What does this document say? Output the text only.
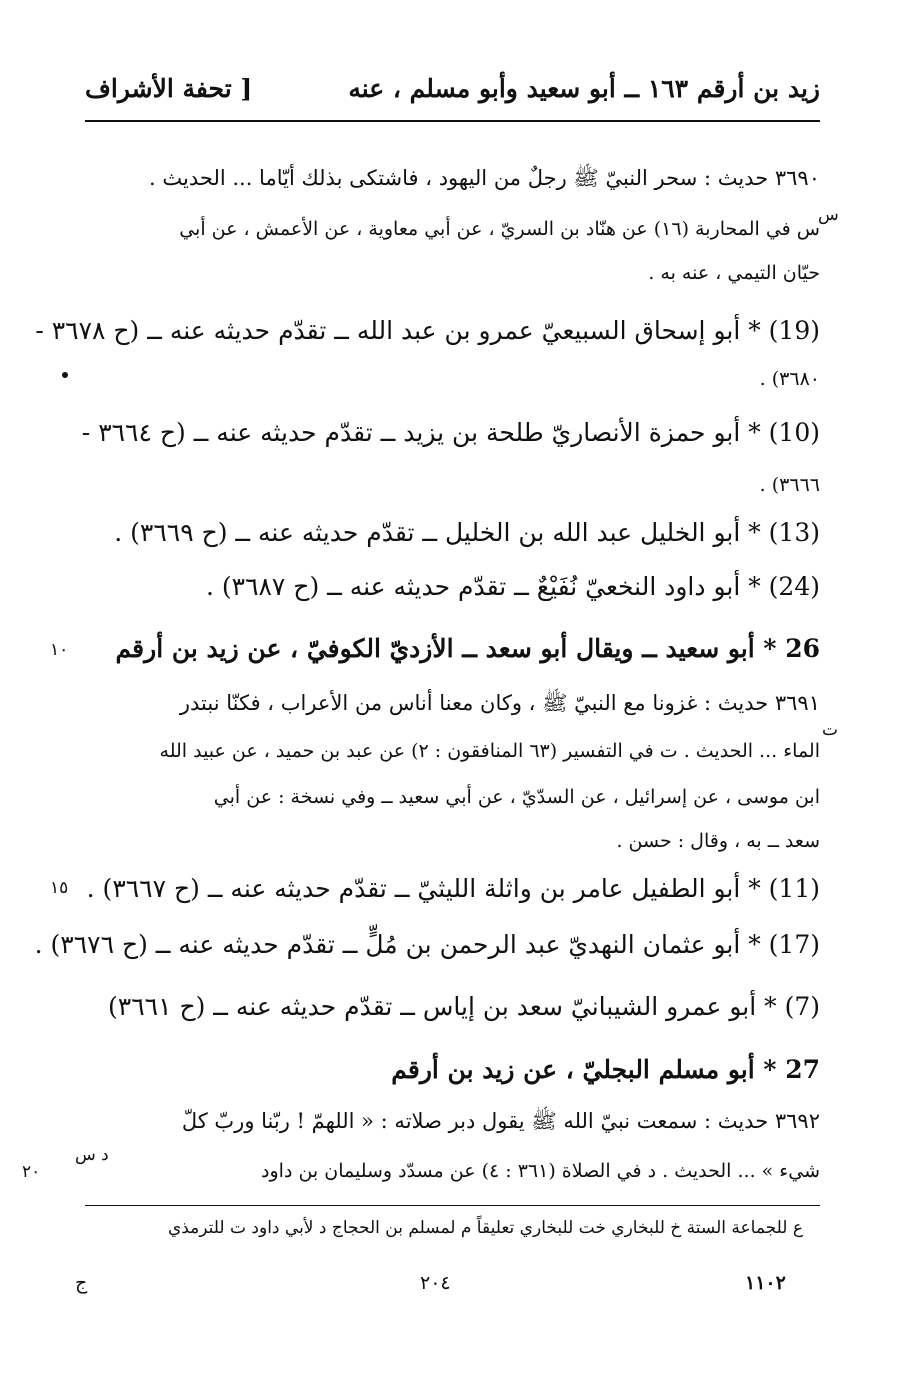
زيد بن أرقم ١٦٣ ــ أبو سعيد وأبو مسلم ، عنه
[ تحفة الأشراف
٣٦٩٠ حديث : سحر النبيّ ﷺ رجلٌ من اليهود ، فاشتكى بذلك أيّاما ... الحديث .
س في المحاربة (١٦) عن هنّاد بن السريّ ، عن أبي معاوية ، عن الأعمش ، عن أبي
حيّان التيمي ، عنه به .
(19) * أبو إسحاق السبيعيّ عمرو بن عبد الله ــ تقدّم حديثه عنه ــ (ح ٣٦٧٨ -
٣٦٨٠) .
(10) * أبو حمزة الأنصاريّ طلحة بن يزيد ــ تقدّم حديثه عنه ــ (ح ٣٦٦٤ -
٣٦٦٦) .
(13) * أبو الخليل عبد الله بن الخليل ــ تقدّم حديثه عنه ــ (ح ٣٦٦٩) .
(24) * أبو داود النخعيّ نُفَيْعٌ ــ تقدّم حديثه عنه ــ (ح ٣٦٨٧) .
26 * أبو سعيد ــ ويقال أبو سعد ــ الأزديّ الكوفيّ ، عن زيد بن أرقم
٣٦٩١ حديث : غزونا مع النبيّ ﷺ ، وكان معنا أناس من الأعراب ، فكنّا نبتدر
الماء ... الحديث . ت في التفسير (٦٣ المنافقون : ٢) عن عبد بن حميد ، عن عبيد الله
ابن موسى ، عن إسرائيل ، عن السدّيّ ، عن أبي سعيد ــ وفي نسخة : عن أبي
سعد ــ به ، وقال : حسن .
(11) * أبو الطفيل عامر بن واثلة الليثيّ ــ تقدّم حديثه عنه ــ (ح ٣٦٦٧) .
(17) * أبو عثمان النهديّ عبد الرحمن بن مُلٍّ ــ تقدّم حديثه عنه ــ (ح ٣٦٧٦) .
(7) * أبو عمرو الشيبانيّ سعد بن إياس ــ تقدّم حديثه عنه ــ (ح ٣٦٦١)
27 * أبو مسلم البجليّ ، عن زيد بن أرقم
٣٦٩٢ حديث : سمعت نبيّ الله ﷺ يقول دبر صلاته : « اللهمّ ! ربّنا وربّ كلّ
شيء » ... الحديث . د في الصلاة (٣٦١ : ٤) عن مسدّد وسليمان بن داود
س
ت
د س
١٠
١٥
٢٠
ع للجماعة الستة خ للبخاري خت للبخاري تعليقاً م لمسلم بن الحجاج د لأبي داود ت للترمذي
١١٠٢
٢٠٤
ج
